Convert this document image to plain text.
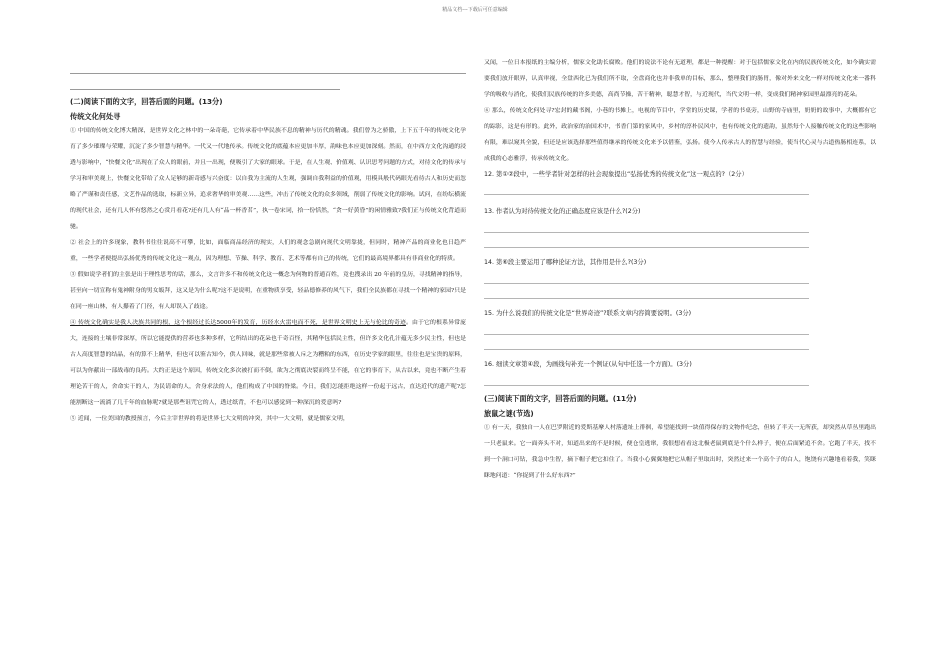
精品文档---下载后可任意编辑
(二)阅读下面的文字，回答后面的问题。(13分)
传统文化何处寻

① 中国的传统文化博大精深，是世界文化之林中的一朵奇葩，它传承着中华民族不息的精神与历代的精魂。我们曾为之骄傲，上下五千年的传统文化孕育了多少璀璨与荣耀，沉淀了多少智慧与精华。一代又一代地传承。传统文化的底蕴本应更加丰厚，韵味也本应更加深刻。然而，在中西方文化沟通的浸透与影响中，“快餐文化”出现在了众人的眼前，并且一出现，便吸引了大家的眼球。于是，在人生观、价值观、认识思考问题的方式，对待文化的传承与学习和审美观上，快餐文化带给了众人足够的新奇感与兴奋度：以自我为主流的人生观，强调自我利益的价值观，用模具般代码眼光看待古人和历史而忽略了严谨和责任感，文艺作品的选取，标新立异，追求奢华的审美观……这些，冲击了传统文化的众多领域，削弱了传统文化的影响。试问，在纷纭横流的现代社会，还有几人怀有悠然之心赏月看花?还有几人有“品一杯香茗”，执一卷宋词，拾一份恬然，“贪一好黄昏”的闲情雅致?我们正与传统文化背道而驰。

② 社会上的许多现象，教科书往往说高不可攀，比如，面临商品经济的现实，人们的观念急剧向现代文明靠拢，但同时，精神产品的商业化也日趋严重，一些学者便提出弘扬优秀的传统文化这一观点，因为理想、节操、科学、教育、艺术等都有自己的传统，它们的最高境界都具有非商业化的特质。

③ 假如说学者们的主张是出于理性思考的话，那么，文言许多不和传统文化这一概念为何物的普通百姓，竟也搜录出 20 年前的皇历，寻找精神的指导，甚至向一切宣称有鬼神附身的男女皈拜，这又是为什么呢?这不是说明，在重物质享受，轻品德修养的风气下，我们全民族都在寻找一个精神的家园?只是在同一座山林，有人攥着了门径，有人却误入了歧途。

④ 传统文化确实是我人决族共同的根，这个根经过长达5000年的发育，历经水火雷电而不死，是世界文明史上无与伦比的奇迹。由于它的根系异常庞大，连接的土壤非常深厚，所以它能提供的营养也多种多样，它所结出的花朵也千奇百怪，其精华包括民主性，但许多文化孔汁蕴无多少民主性，但也是古人高度智慧的结晶，有的算不上精华，但也可以鉴古知今，供人回味，就是那些常被人斥之为糟粕的东西，在历史学家的眼里，往往也是宝贵的原料，可以为你献出一部战毒的良药。大约正是这个原因，传统文化多次被打而不倒，欲为之彻底决裂而终呈不能，在它的事育下，从古以来，竟也不断产生着理论苦干的人，舍命实干的人，为民请命的人，舍身求法的人，他们构成了中国的脊梁。今日，我们怎能拒绝这样一份起于远古，直达近代的遗产呢?怎能割断这一流淌了几千年的血脉呢?就是那些诅咒它的人，透过纸背，不也可以感觉到一种深沉的爱意吗?

⑤ 近闻，一位美国的教授预言，今后主宰世界的将是世界七大文明的冲突，其中一大文明，就是儒家文明，

又闻，一位日本报纸的主编分析，儒家文化助长腐败。他们的说法不论有无道理，都是一种提醒：对于包括儒家文化在内的民族传统文化，如今确实需要我们放开眼界，认真审视，全盘西化已为我们所不取，全盘商化也并非我单的目标，那么，整理我们的肠胃，像对外来文化一样对传统文化来一番科学的吸收与消化，使我们民族传统的许多美德，高尚节操，苦干精神，聪慧才智，与近现代，当代文明一样，变成我们精神家园里最漂亮的花朵。

⑥ 那么，传统文化何处寻?宏封的藏书阁，小巷的书摊上，电视的节目中，学堂的历史课，学者的书桌旁，山野的寺庙里，奶奶的故事中，大概都有它的踪影，这是有形的。此外，政治家的治国术中，书香门第的家风中，乡村的淳朴民风中，也有传统文化的遗韵，虽然每个人接触传统文化的这些影响有限，难以窥其全貌，但还是应该选择那些值得继承的传统文化来予以借鉴，弘扬。使今人传承古人的智慧与经验，使当代心灵与古道热肠相连系，以成我的心态雅浮，传承传统文化。

12. 第①②段中，一些学者针对怎样的社会现象提出“弘扬优秀的传统文化”这一观点的?（2分）
13. 作者认为对待传统文化的正确态度应该是什么?(2分)
14. 第⑥段主要运用了哪种论证方法，其作用是什么?(3分)
15. 为什么说我们的传统文化是“世界奇迹”?联系文章内容简要说明。(3分)
16. 细读文章第④段，为画线句补充一个例证(从句中任选一个方面)。(3分)
(三)阅读下面的文字，回答后面的问题。(11分)
旅鼠之谜(节选)

① 有一天，我独自一人在巴罗附近的爱斯基摩人村落遗址上徘徊，希望能找到一块值得保存的文物作纪念，但转了半天一无所获，却突然从草丛里跑出一只老鼠来。它一面奔头不对，知道出来的不是时候，便仓皇逃窜，我很想看看这北极老鼠到底是个什么样子，便在后面紧追不舍。它跑了半天，找不到一个洞口可钻，我急中生智，摘下帽子把它扣住了。当我小心翼翼地把它从帽子里取出时，突然过来一个高个子的白人，饱饶有兴趣地看着我，笑眯眯地问道：“你捉到了什么好东西?”
